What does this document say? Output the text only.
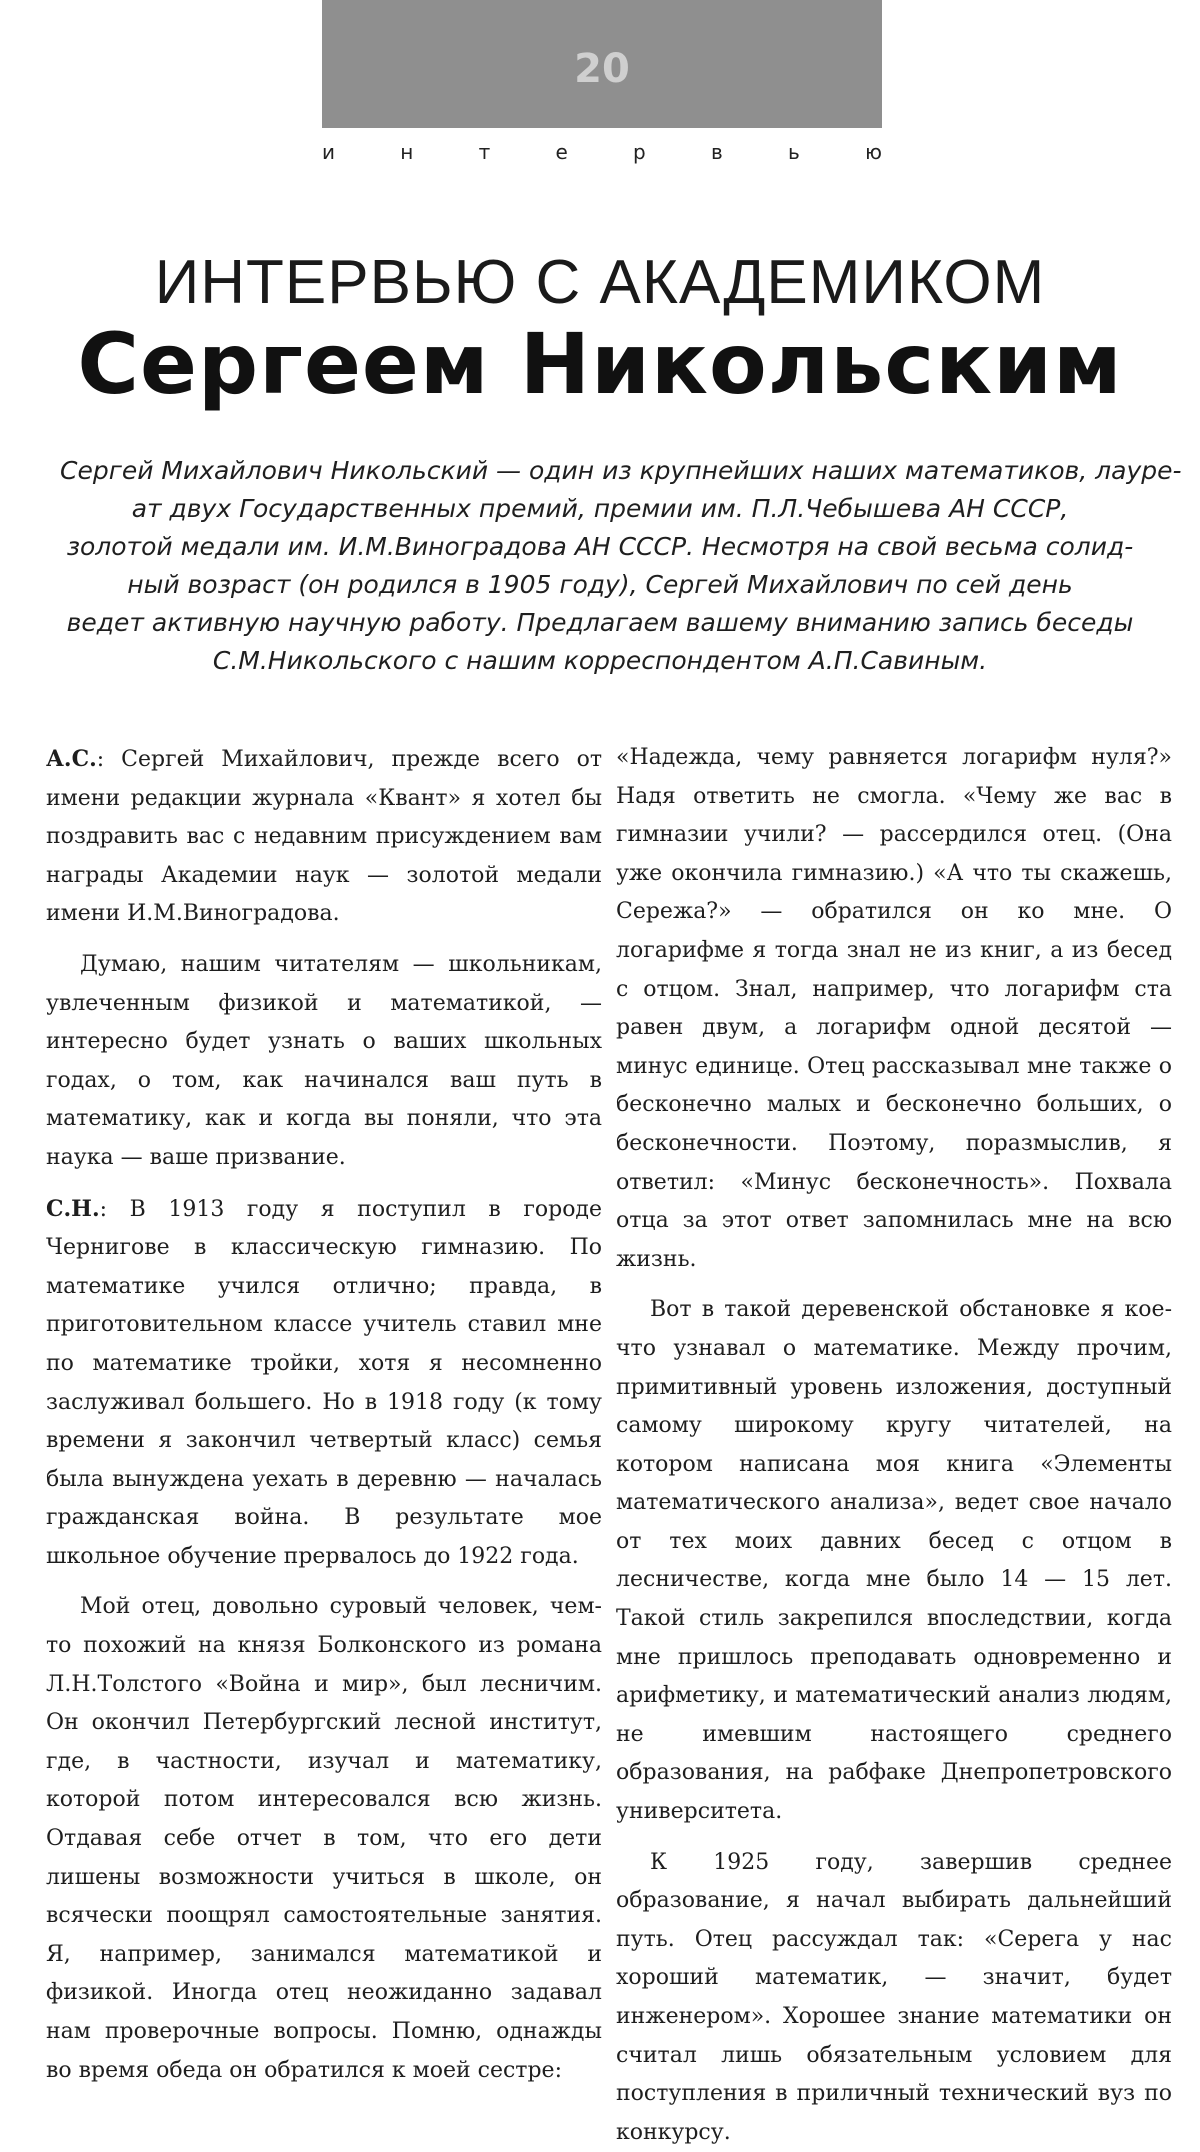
20
и	н	т	е	р	в	ь	ю
ИНТЕРВЬЮ С АКАДЕМИКОМ
Сергеем Никольским
Сергей Михайлович Никольский — один из крупнейших наших математиков, лауре-
ат двух Государственных премий, премии им. П.Л.Чебышева АН СССР,
золотой медали им. И.М.Виноградова АН СССР. Несмотря на свой весьма солид-
ный возраст (он родился в 1905 году), Сергей Михайлович по сей день
ведет активную научную работу. Предлагаем вашему вниманию запись беседы
С.М.Никольского с нашим корреспондентом А.П.Савиным.

А.С.: Сергей Михайлович, прежде всего от имени редакции журнала «Квант» я хотел бы поздравить вас с недавним присуждением вам награды Академии наук — золотой медали имени И.М.Виноградова.

Думаю, нашим читателям — школьникам, увлеченным физикой и математикой, — интересно будет узнать о ваших школьных годах, о том, как начинался ваш путь в математику, как и когда вы поняли, что эта наука — ваше призвание.

С.Н.: В 1913 году я поступил в городе Чернигове в классическую гимназию. По математике учился отлично; правда, в приготовительном классе учитель ставил мне по математике тройки, хотя я несомненно заслуживал большего. Но в 1918 году (к тому времени я закончил четвертый класс) семья была вынуждена уехать в деревню — началась гражданская война. В результате мое школьное обучение прервалось до 1922 года.

Мой отец, довольно суровый человек, чем-то похожий на князя Болконского из романа Л.Н.Толстого «Война и мир», был лесничим. Он окончил Петербургский лесной институт, где, в частности, изучал и математику, которой потом интересовался всю жизнь. Отдавая себе отчет в том, что его дети лишены возможности учиться в школе, он всячески поощрял самостоятельные занятия. Я, например, занимался математикой и физикой. Иногда отец неожиданно задавал нам проверочные вопросы. Помню, однажды во время обеда он обратился к моей сестре:

«Надежда, чему равняется логарифм нуля?» Надя ответить не смогла. «Чему же вас в гимназии учили? — рассердился отец. (Она уже окончила гимназию.) «А что ты скажешь, Сережа?» — обратился он ко мне. О логарифме я тогда знал не из книг, а из бесед с отцом. Знал, например, что логарифм ста равен двум, а логарифм одной десятой — минус единице. Отец рассказывал мне также о бесконечно малых и бесконечно больших, о бесконечности. Поэтому, поразмыслив, я ответил: «Минус бесконечность». Похвала отца за этот ответ запомнилась мне на всю жизнь.

Вот в такой деревенской обстановке я кое-что узнавал о математике. Между прочим, примитивный уровень изложения, доступный самому широкому кругу читателей, на котором написана моя книга «Элементы математического анализа», ведет свое начало от тех моих давних бесед с отцом в лесничестве, когда мне было 14 — 15 лет. Такой стиль закрепился впоследствии, когда мне пришлось преподавать одновременно и арифметику, и математический анализ людям, не имевшим настоящего среднего образования, на рабфаке Днепропетровского университета.

К 1925 году, завершив среднее образование, я начал выбирать дальнейший путь. Отец рассуждал так: «Серега у нас хороший математик, — значит, будет инженером». Хорошее знание математики он считал лишь обязательным условием для поступления в приличный технический вуз по конкурсу.
